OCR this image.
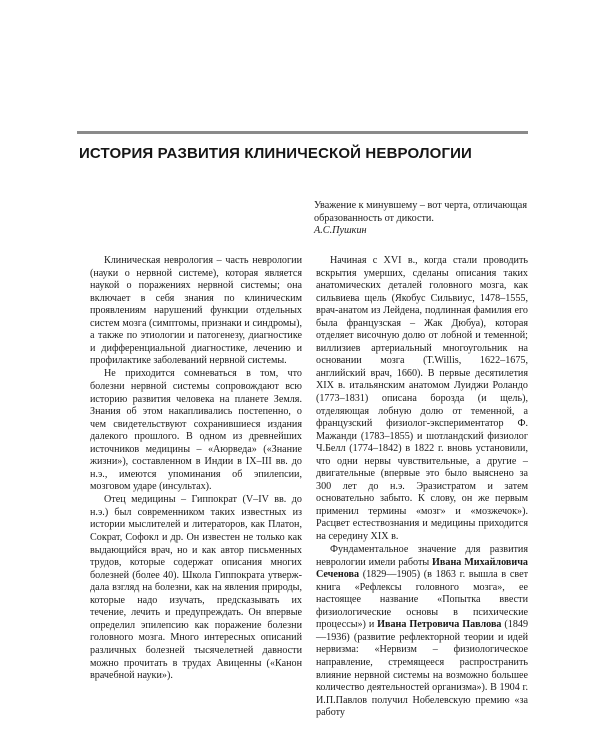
ИСТОРИЯ РАЗВИТИЯ КЛИНИЧЕСКОЙ НЕВРОЛОГИИ
Уважение к минувшему – вот черта, отличающая образованность от дикости.
А.С.Пушкин

Клиническая неврология – часть неврологии (науки о нервной системе), которая является наукой о поражениях нервной системы; она включает в себя знания по клиническим проявлениям нарушений функции отдельных систем мозга (симптомы, признаки и синдромы), а также по этиологии и патогенезу, диагностике и дифференциальной диагностике, лечению и профилактике заболеваний нервной системы.

Не приходится сомневаться в том, что болезни нервной системы сопровождают всю историю развития человека на планете Земля. Знания об этом накапливались постепенно, о чем свидетельствуют сохранившиеся издания далекого прошлого. В одном из древнейших источников медицины – «Аюрведа» («Знание жизни»), составленном в Индии в IX–III вв. до н.э., имеются упоминания об эпилепсии, мозговом ударе (инсультах).

Отец медицины – Гиппократ (V–IV вв. до н.э.) был современником таких известных из истории мыслителей и литераторов, как Платон, Сократ, Софокл и др. Он известен не только как выдающийся врач, но и как автор письменных трудов, которые содержат описания многих болезней (более 40). Школа Гиппократа утверждала взгляд на болезни, как на явления природы, которые надо изучать, предсказывать их течение, лечить и предупреждать. Он впервые определил эпилепсию как поражение болезни головного мозга. Много интересных описаний различных болезней тысячелетней давности можно прочитать в трудах Авиценны («Канон врачебной науки»).

Начиная с XVI в., когда стали проводить вскрытия умерших, сделаны описания таких анатомических деталей головного мозга, как сильвиева щель (Якобус Сильвиус, 1478–1555, врач-анатом из Лейдена, подлинная фамилия его была французская – Жак Дюбуа), которая отделяет височную долю от лобной и теменной; виллизиев артериальный многоугольник на основании мозга (T.Willis, 1622–1675, английский врач, 1660). В первые десятилетия XIX в. итальянским анатомом Луиджи Роландо (1773–1831) описана борозда (и щель), отделяющая лобную долю от теменной, а французский физиолог-экспериментатор Ф. Мажанди (1783–1855) и шотландский физиолог Ч.Белл (1774–1842) в 1822 г. вновь установили, что одни нервы чувствительные, а другие – двигательные (впервые это было выяснено за 300 лет до н.э. Эразистратом и затем основательно забыто. К слову, он же первым применил термины «мозг» и «мозжечок»). Расцвет естествознания и медицины приходится на середину XIX в.

Фундаментальное значение для развития неврологии имели работы Ивана Михайловича Сеченова (1829—1905) (в 1863 г. вышла в свет книга «Рефлексы головного мозга», ее настоящее название «Попытка ввести физиологические основы в психические процессы») и Ивана Петровича Павлова (1849—1936) (развитие рефлекторной теории и идей нервизма: «Нервизм – физиологическое направление, стремящееся распространить влияние нервной системы на возможно большее количество деятельностей организма»). В 1904 г. И.П.Павлов получил Нобелевскую премию «за работу
